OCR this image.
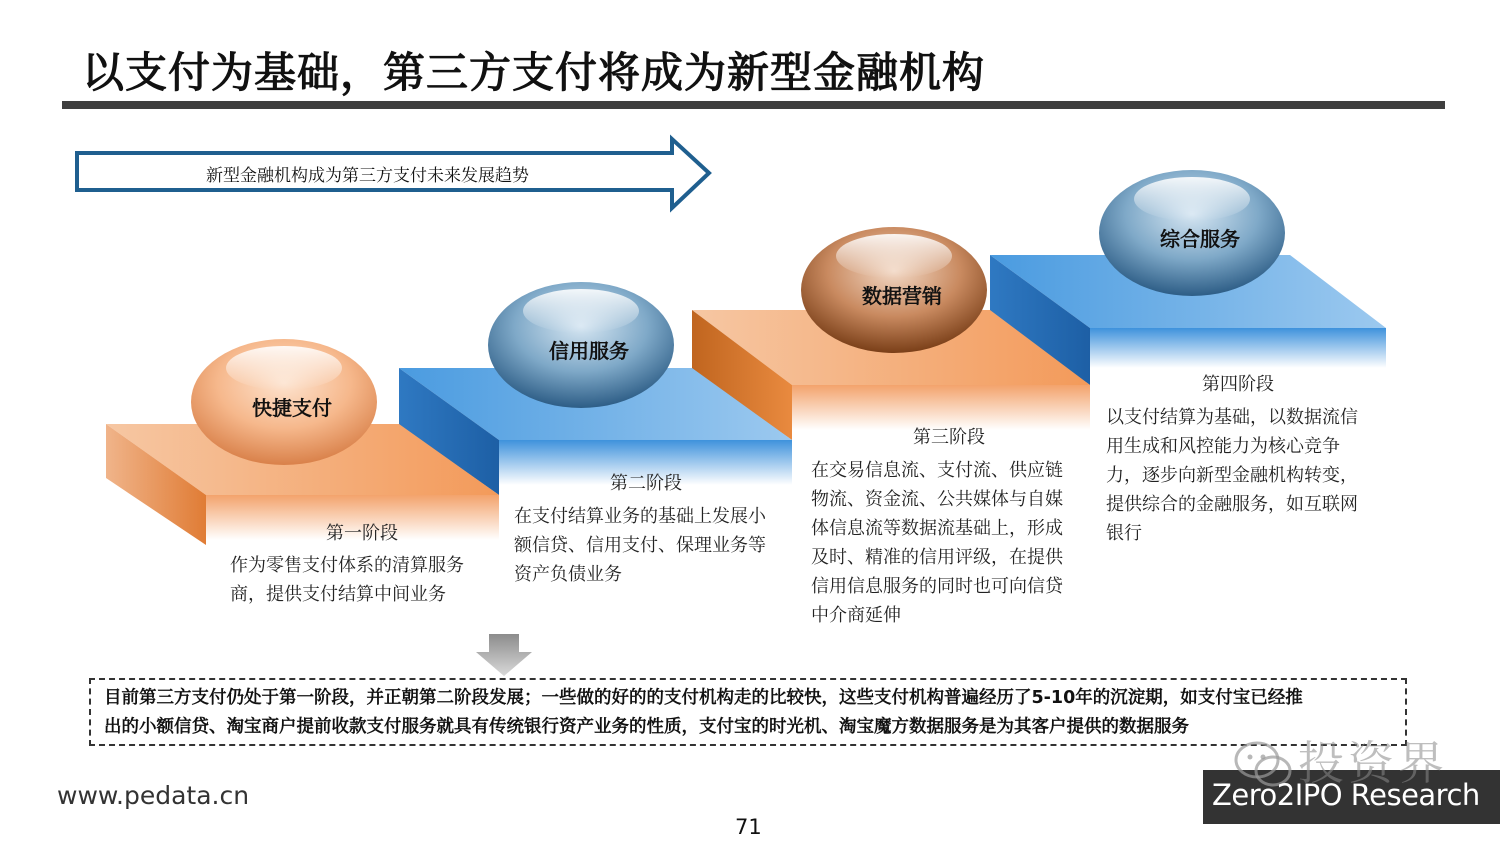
以支付为基础，第三方支付将成为新型金融机构
新型金融机构成为第三方支付未来发展趋势
快捷支付
信用服务
数据营销
综合服务
第一阶段
第二阶段
第三阶段
第四阶段
作为零售支付体系的清算服务
商，提供支付结算中间业务
在支付结算业务的基础上发展小
额信贷、信用支付、保理业务等
资产负债业务
在交易信息流、支付流、供应链
物流、资金流、公共媒体与自媒
体信息流等数据流基础上，形成
及时、精准的信用评级，在提供
信用信息服务的同时也可向信贷
中介商延伸
以支付结算为基础，以数据流信
用生成和风控能力为核心竞争
力，逐步向新型金融机构转变，
提供综合的金融服务，如互联网
银行
目前第三方支付仍处于第一阶段，并正朝第二阶段发展；一些做的好的的支付机构走的比较快，这些支付机构普遍经历了5-10年的沉淀期，如支付宝已经推
出的小额信贷、淘宝商户提前收款支付服务就具有传统银行资产业务的性质，支付宝的时光机、淘宝魔方数据服务是为其客户提供的数据服务
www.pedata.cn
71
投资界
Zero2IPO Research
